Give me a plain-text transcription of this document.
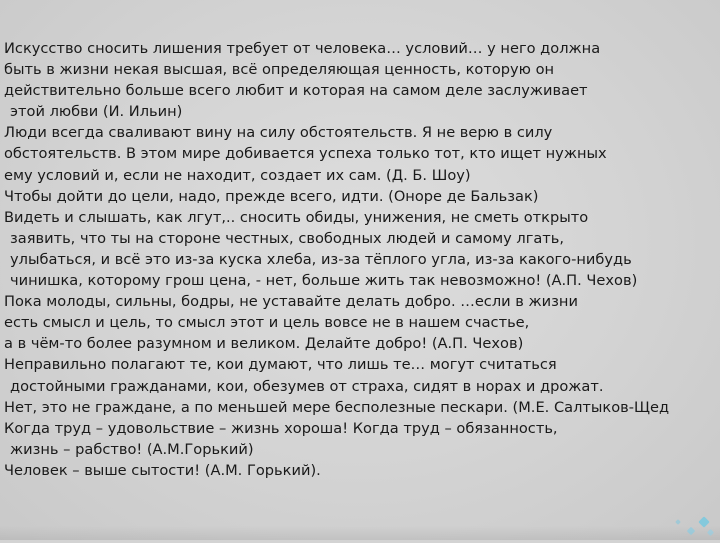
Искусство сносить лишения требует от человека… условий… у него должна
быть в жизни некая высшая, всё определяющая ценность, которую он
действительно больше всего любит и которая на самом деле заслуживает
этой любви (И. Ильин)
Люди всегда сваливают вину на силу обстоятельств. Я не верю в силу
обстоятельств. В этом мире добивается успеха только тот, кто ищет нужных
ему условий и, если не находит, создает их сам. (Д. Б. Шоу)
Чтобы дойти до цели, надо, прежде всего, идти. (Оноре де Бальзак)
Видеть и слышать, как лгут,.. сносить обиды, унижения, не сметь открыто
заявить, что ты на стороне честных, свободных людей и самому лгать,
улыбаться, и всё это из-за куска хлеба, из-за тёплого угла, из-за какого-нибудь
чинишка, которому грош цена, - нет, больше жить так невозможно! (А.П. Чехов)
Пока молоды, сильны, бодры, не уставайте делать добро. …если в жизни
есть смысл и цель, то смысл этот и цель вовсе не в нашем счастье,
а в чём-то более разумном и великом. Делайте добро! (А.П. Чехов)
Неправильно полагают те, кои думают, что лишь те… могут считаться
достойными гражданами, кои, обезумев от страха, сидят в норах и дрожат.
Нет, это не граждане, а по меньшей мере бесполезные пескари. (М.Е. Салтыков-Щед
Когда труд – удовольствие – жизнь хороша! Когда труд – обязанность,
жизнь – рабство! (А.М.Горький)
Человек – выше сытости! (А.М. Горький).
